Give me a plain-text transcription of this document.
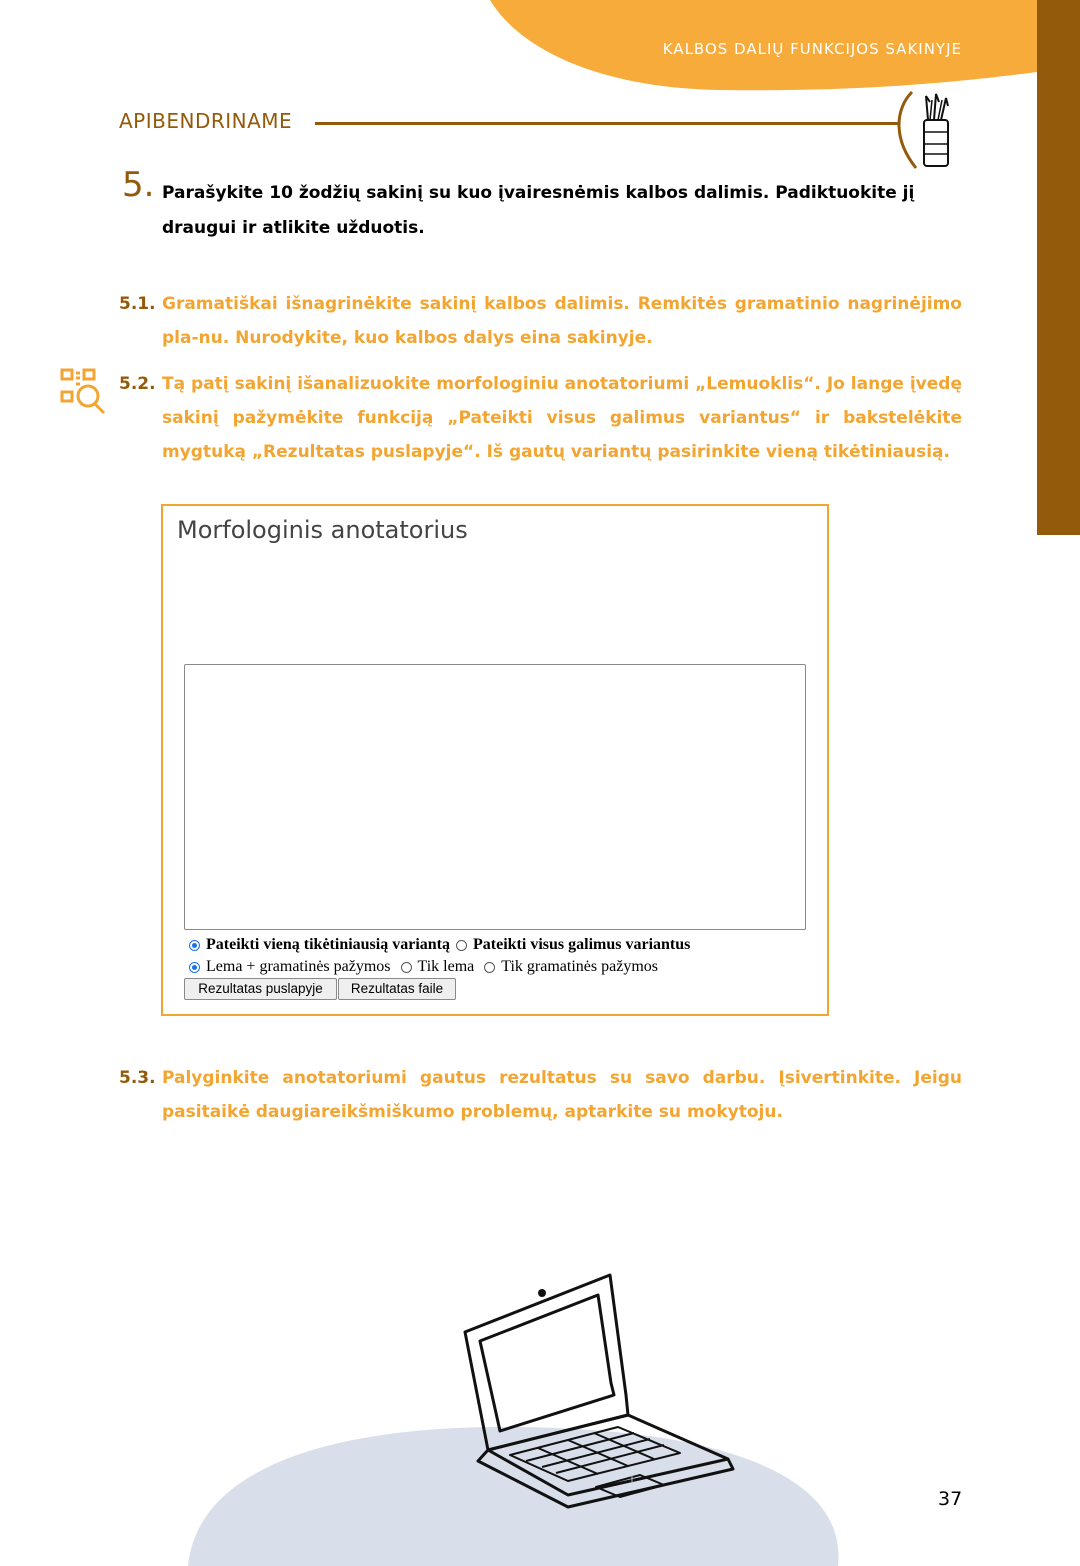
KALBOS DALIŲ FUNKCIJOS SAKINYJE
APIBENDRINAME
5. Parašykite 10 žodžių sakinį su kuo įvairesnėmis kalbos dalimis. Padiktuokite jį draugui ir atlikite užduotis.
5.1. Gramatiškai išnagrinėkite sakinį kalbos dalimis. Remkitės gramatinio nagrinėjimo pla-nu. Nurodykite, kuo kalbos dalys eina sakinyje.
5.2. Tą patį sakinį išanalizuokite morfologiniu anotatoriumi „Lemuoklis“. Jo lange įvedę sakinį pažymėkite funkciją „Pateikti visus galimus variantus“ ir bakstelėkite mygtuką „Rezultatas puslapyje“. Iš gautų variantų pasirinkite vieną tikėtiniausią.
Morfologinis anotatorius
Pateikti vieną tikėtiniausią variantą Pateikti visus galimus variantus
Lema + gramatinės pažymos Tik lema Tik gramatinės pažymos
Rezultatas puslapyje	Rezultatas faile
5.3. Palyginkite anotatoriumi gautus rezultatus su savo darbu. Įsivertinkite. Jeigu pasitaikė daugiareikšmiškumo problemų, aptarkite su mokytoju.
37
